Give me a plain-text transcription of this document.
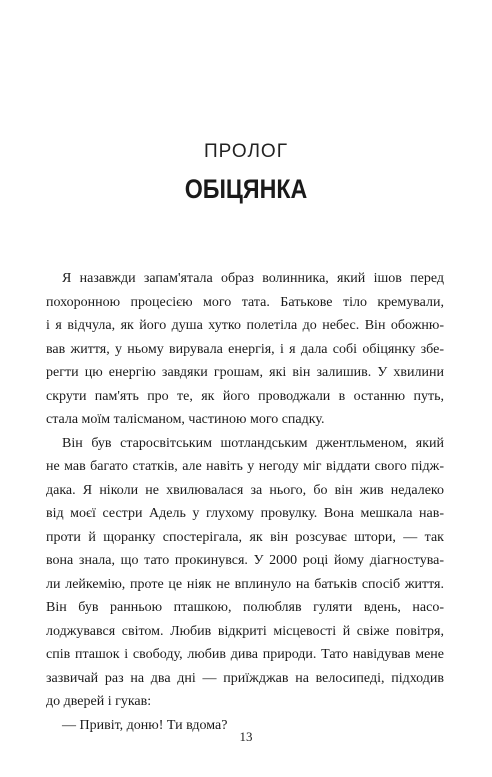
ПРОЛОГ
ОБІЦЯНКА
Я назавжди запам'ятала образ волинника, який ішов перед
похоронною процесією мого тата. Батькове тіло кремували,
і я відчула, як його душа хутко полетіла до небес. Він обожню-
вав життя, у ньому вирувала енергія, і я дала собі обіцянку збе-
регти цю енергію завдяки грошам, які він залишив. У хвилини
скрути пам'ять про те, як його проводжали в останню путь,
стала моїм талісманом, частиною мого спадку.
Він був старосвітським шотландським джентльменом, який
не мав багато статків, але навіть у негоду міг віддати свого підж-
дака. Я ніколи не хвилювалася за нього, бо він жив недалеко
від моєї сестри Адель у глухому провулку. Вона мешкала нав-
проти й щоранку спостерігала, як він розсуває штори, — так
вона знала, що тато прокинувся. У 2000 році йому діагностува-
ли лейкемію, проте це ніяк не вплинуло на батьків спосіб життя.
Він був ранньою пташкою, полюбляв гуляти вдень, насо-
лоджувався світом. Любив відкриті місцевості й свіже повітря,
спів пташок і свободу, любив дива природи. Тато навідував мене
зазвичай раз на два дні — приїжджав на велосипеді, підходив
до дверей і гукав:
— Привіт, доню! Ти вдома?
13
